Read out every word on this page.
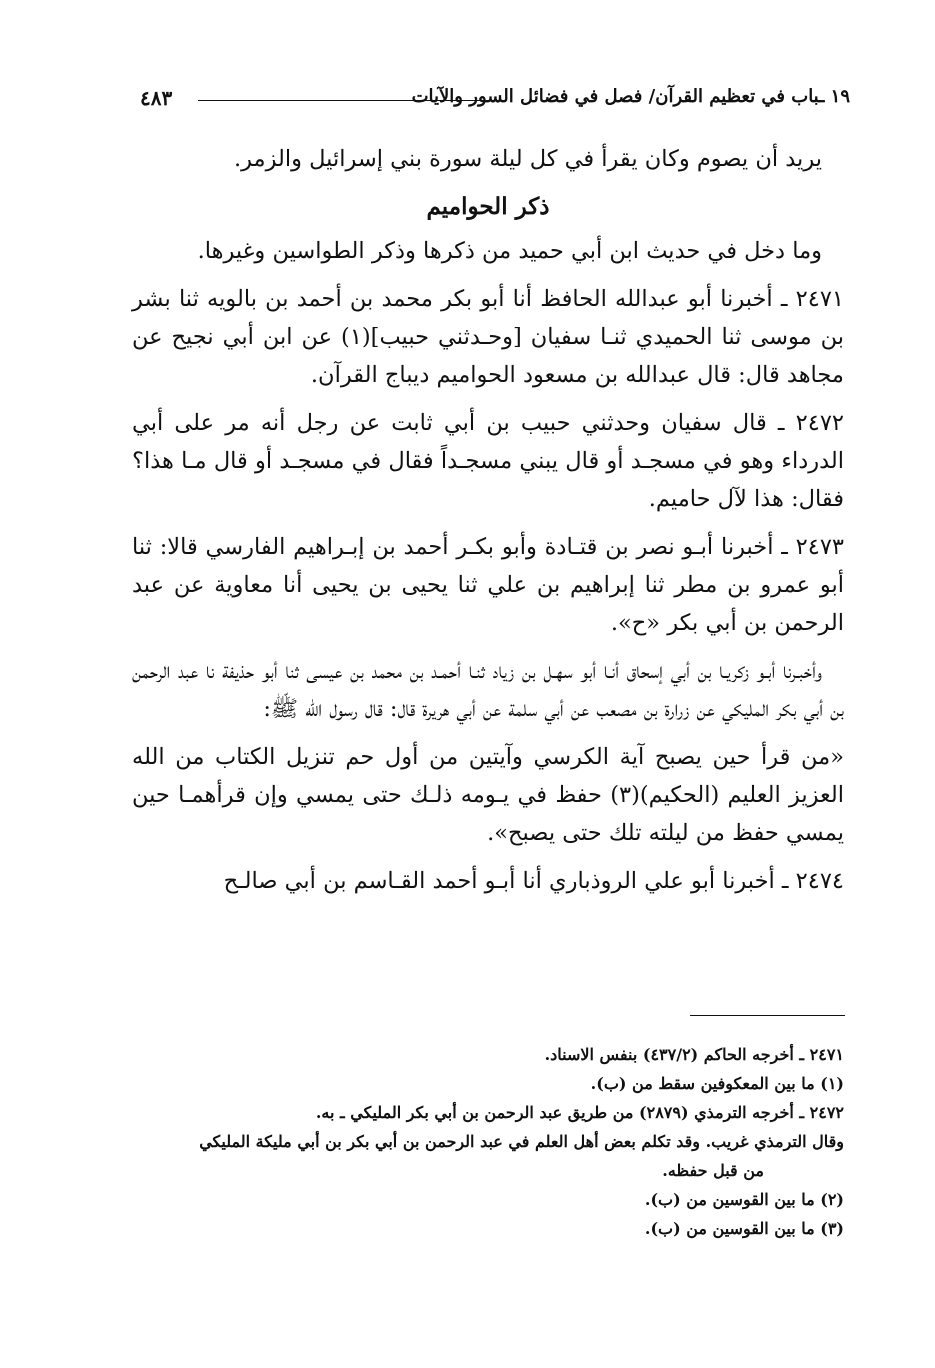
١٩ ـباب في تعظيم القرآن/ فصل في فضائل السور والآيات
٤٨٣

يريد أن يصوم وكان يقرأ في كل ليلة سورة بني إسرائيل والزمر.

ذكر الحواميم

وما دخل في حديث ابن أبي حميد من ذكرها وذكر الطواسين وغيرها.

٢٤٧١ ـ أخبرنا أبو عبدالله الحافظ أنا أبو بكر محمد بن أحمد بن بالويه ثنا بشر بن موسى ثنا الحميدي ثنـا سفيان [وحـدثني حبيب](١) عن ابن أبي نجيح عن مجاهد قال: قال عبدالله بن مسعود الحواميم ديباج القرآن.

٢٤٧٢ ـ قال سفيان وحدثني حبيب بن أبي ثابت عن رجل أنه مر على أبي الدرداء وهو في مسجـد أو قال يبني مسجـداً فقال في مسجـد أو قال مـا هذا؟ فقال: هذا لآل حاميم.

٢٤٧٣ ـ أخبرنا أبـو نصر بن قتـادة وأبو بكـر أحمد بن إبـراهيم الفارسي قالا: ثنا أبو عمرو بن مطر ثنا إبراهيم بن علي ثنا يحيى بن يحيى أنا معاوية عن عبد الرحمن بن أبي بكر «ح».

وأخبـرنا أبـو زكريـا بن أبي إسحاق أنـا أبو سهـل بن زياد ثنـا أحمـد بن محمد بن عيسى ثنا أبو حذيفة نا عبد الرحمن بن أبي بكر المليكي عن زرارة بن مصعب عن أبي سلمة عن أبي هريرة قال: قال رسول الله ﷺ:

«من قرأ حين يصبح آية الكرسي وآيتين من أول حم تنزيل الكتاب من الله العزيز العليم (الحكيم)(٣) حفظ في يـومه ذلـك حتى يمسي وإن قرأهمـا حين يمسي حفظ من ليلته تلك حتى يصبح».

٢٤٧٤ ـ أخبرنا أبو علي الروذباري أنا أبـو أحمد القـاسم بن أبي صالـح

٢٤٧١ ـ أخرجه الحاكم (٤٣٧/٢) بنفس الاسناد.
(١) ما بين المعكوفين سقط من (ب).
٢٤٧٢ ـ أخرجه الترمذي (٢٨٧٩) من طريق عبد الرحمن بن أبي بكر المليكي ـ به.
وقال الترمذي غريب. وقد تكلم بعض أهل العلم في عبد الرحمن بن أبي بكر بن أبي مليكة المليكي
من قبل حفظه.
(٢) ما بين القوسين من (ب).
(٣) ما بين القوسين من (ب).
